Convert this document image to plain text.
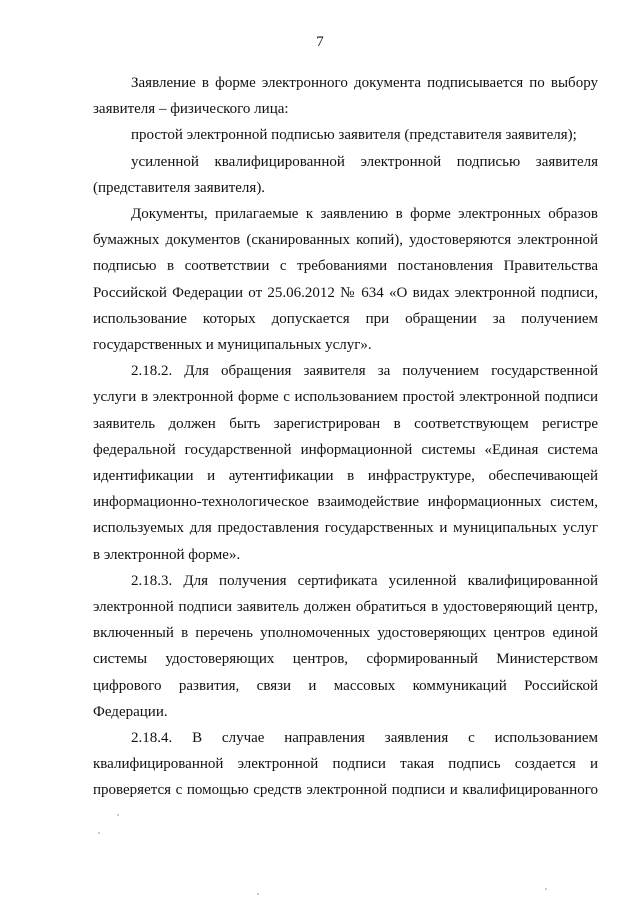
7

Заявление в форме электронного документа подписывается по выбору
заявителя – физического лица:

простой электронной подписью заявителя (представителя заявителя);

усиленной квалифицированной электронной подписью заявителя
(представителя заявителя).

Документы, прилагаемые к заявлению в форме электронных образов
бумажных документов (сканированных копий), удостоверяются электронной
подписью в соответствии с требованиями постановления Правительства
Российской Федерации от 25.06.2012 № 634 «О видах электронной подписи,
использование которых допускается при обращении за получением
государственных и муниципальных услуг».

2.18.2. Для обращения заявителя за получением государственной
услуги в электронной форме с использованием простой электронной подписи
заявитель должен быть зарегистрирован в соответствующем регистре
федеральной государственной информационной системы «Единая система
идентификации и аутентификации в инфраструктуре, обеспечивающей
информационно-технологическое взаимодействие информационных систем,
используемых для предоставления государственных и муниципальных услуг
в электронной форме».

2.18.3. Для получения сертификата усиленной квалифицированной
электронной подписи заявитель должен обратиться в удостоверяющий центр,
включенный в перечень уполномоченных удостоверяющих центров единой
системы удостоверяющих центров, сформированный Министерством
цифрового развития, связи и массовых коммуникаций Российской
Федерации.

2.18.4. В случае направления заявления с использованием
квалифицированной электронной подписи такая подпись создается и
проверяется с помощью средств электронной подписи и квалифицированного
